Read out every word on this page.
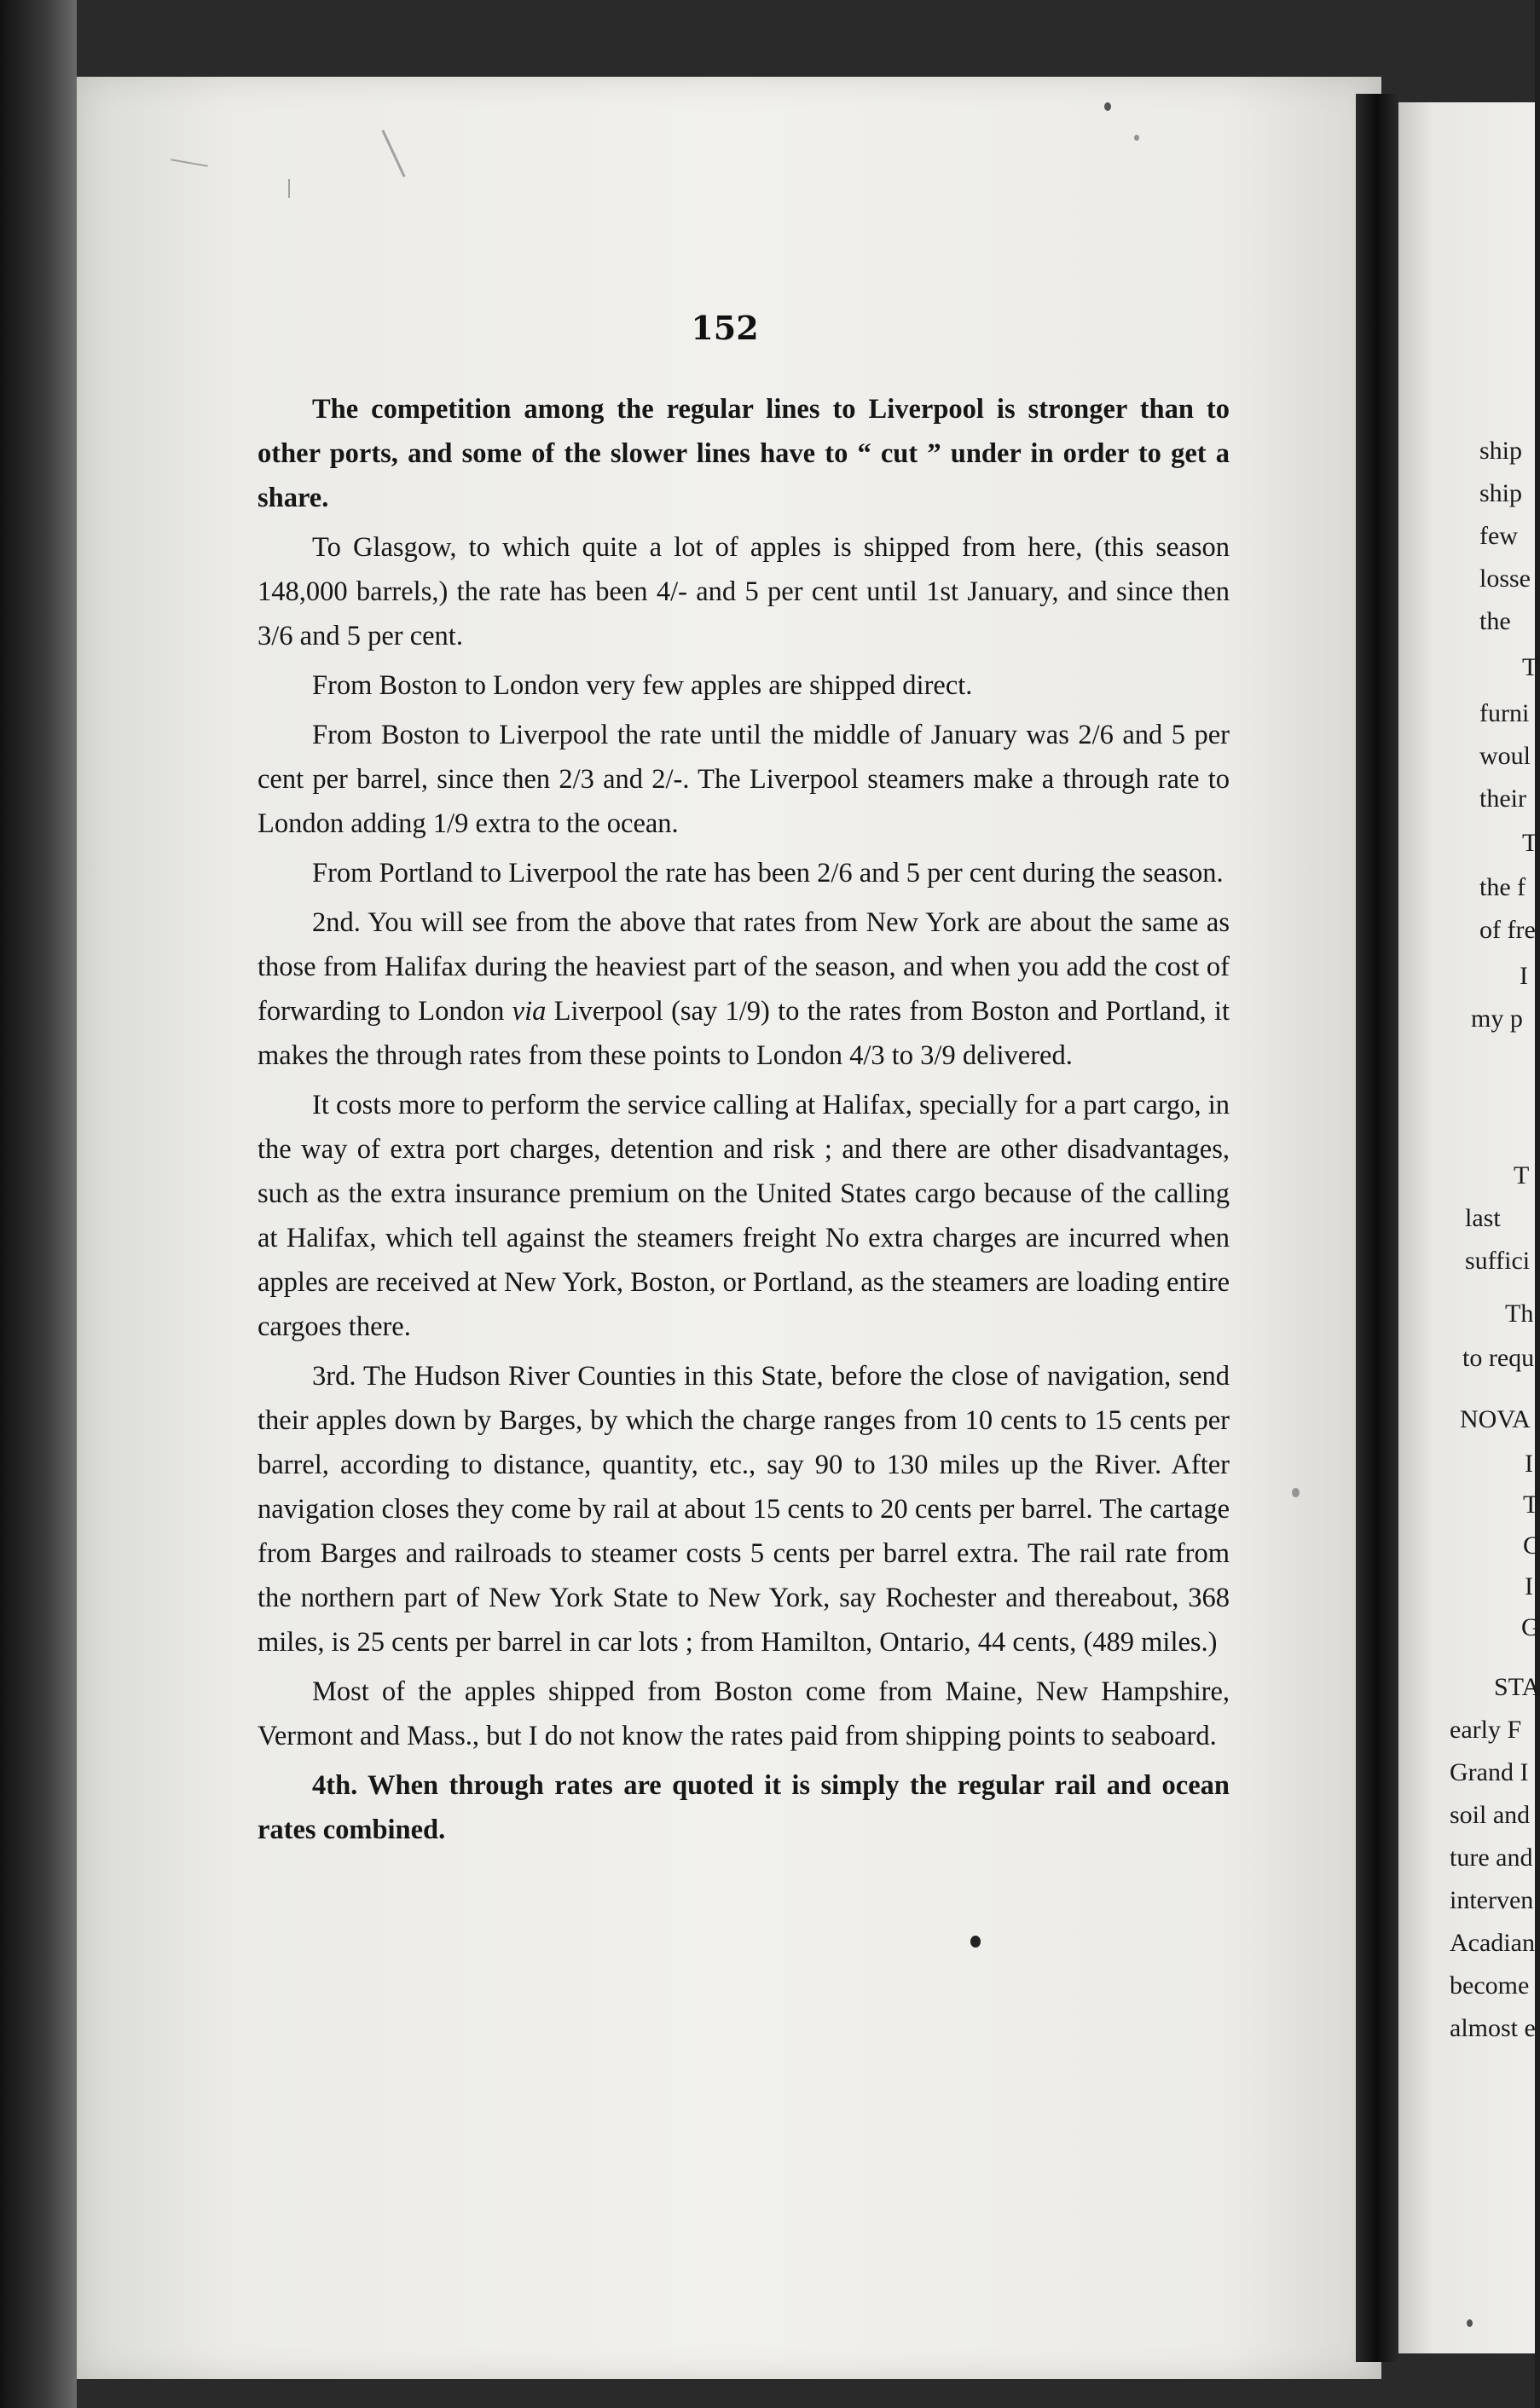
152

The competition among the regular lines to Liverpool is stronger than to other ports, and some of the slower lines have to “ cut ” under in order to get a share.

To Glasgow, to which quite a lot of apples is shipped from here, (this season 148,000 barrels,) the rate has been 4/- and 5 per cent until 1st January, and since then 3/6 and 5 per cent.

From Boston to London very few apples are shipped direct.

From Boston to Liverpool the rate until the middle of January was 2/6 and 5 per cent per barrel, since then 2/3 and 2/-. The Liverpool steamers make a through rate to London adding 1/9 extra to the ocean.

From Portland to Liverpool the rate has been 2/6 and 5 per cent during the season.

2nd. You will see from the above that rates from New York are about the same as those from Halifax during the heaviest part of the season, and when you add the cost of forwarding to London via Liverpool (say 1/9) to the rates from Boston and Portland, it makes the through rates from these points to London 4/3 to 3/9 delivered.

It costs more to perform the service calling at Halifax, specially for a part cargo, in the way of extra port charges, detention and risk ; and there are other disadvantages, such as the extra insurance premium on the United States cargo because of the calling at Halifax, which tell against the steamers freight No extra charges are incurred when apples are received at New York, Boston, or Portland, as the steamers are loading entire cargoes there.

3rd. The Hudson River Counties in this State, before the close of navigation, send their apples down by Barges, by which the charge ranges from 10 cents to 15 cents per barrel, according to distance, quantity, etc., say 90 to 130 miles up the River. After navigation closes they come by rail at about 15 cents to 20 cents per barrel. The cartage from Barges and railroads to steamer costs 5 cents per barrel extra. The rail rate from the northern part of New York State to New York, say Rochester and thereabout, 368 miles, is 25 cents per barrel in car lots ; from Hamilton, Ontario, 44 cents, (489 miles.)

Most of the apples shipped from Boston come from Maine, New Hampshire, Vermont and Mass., but I do not know the rates paid from shipping points to seaboard.

4th. When through rates are quoted it is simply the regular rail and ocean rates combined.

ship
ship
few
losse
the
T
furni
woul
their
T
the f
of fre
I
my p
T
last
suffici
Th
to requ
NOVA
I
T
C
I
G
STA
early F
Grand I
soil and
ture and
interven
Acadian
become
almost e
